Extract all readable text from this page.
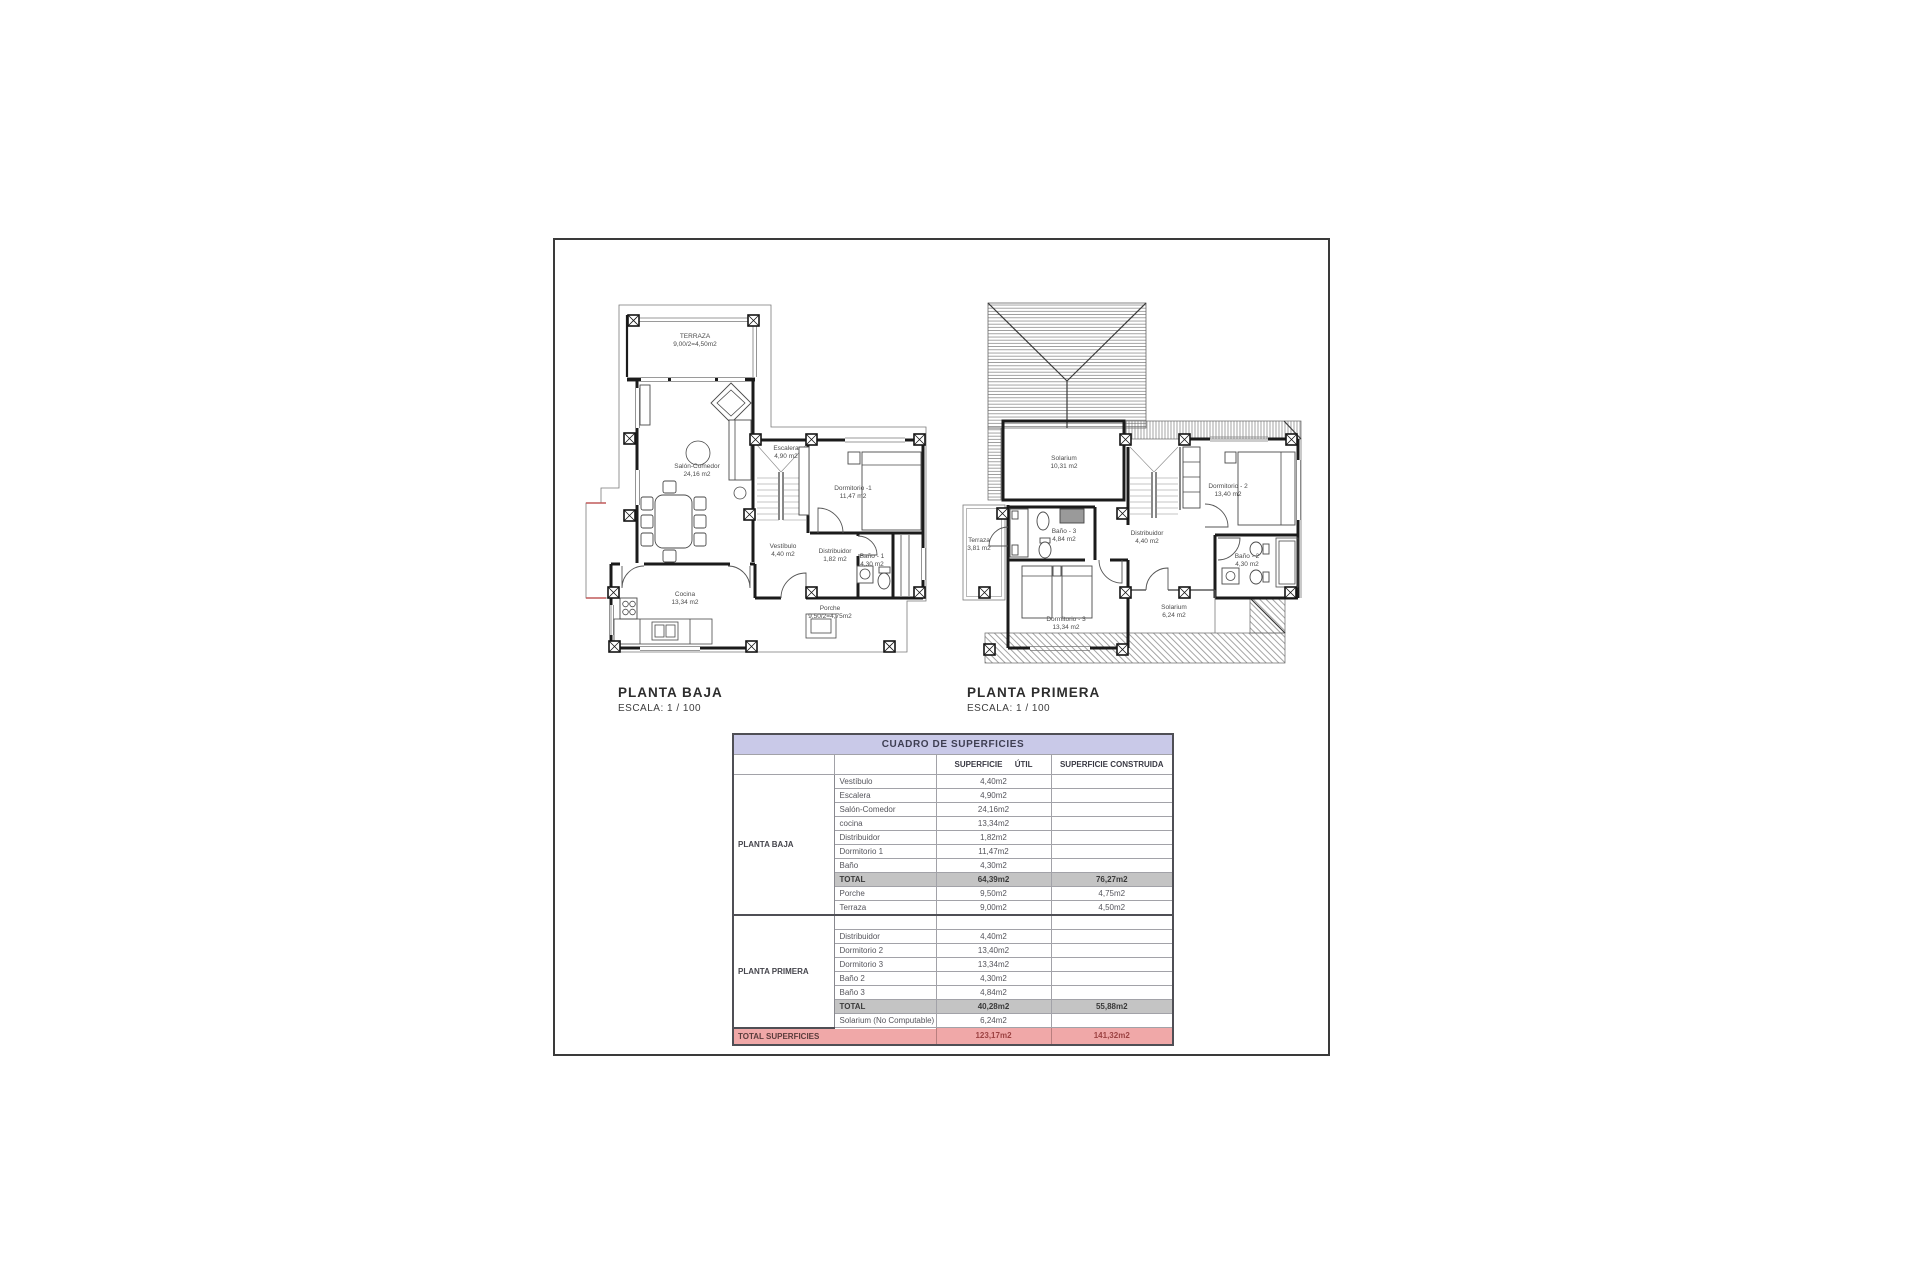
TERRAZA
9,00/2=4,50m2
Salón-Comedor
24,16 m2
Escalera
4,90 m2
Dormitorio -1
11,47 m2
Vestíbulo
4,40 m2	Distribuidor
1,82 m2 Baño - 1
4,30 m2
Cocina
13,34 m2
Porche
9,50/2=4,75m2
PLANTA BAJA
ESCALA: 1 / 100
Solarium
10,31 m2
Dormitorio - 2
13,40 m2
Terraza
3,81 m2
Baño - 3
4,84 m2
Distribuidor
4,40 m2
Baño - 2
4,30 m2
Dormitorio - 3
13,34 m2
Solarium
6,24 m2
PLANTA PRIMERA
ESCALA: 1 / 100
CUADRO DE SUPERFICIES			
		SUPERFICIE ÚTIL	SUPERFICIE CONSTRUIDA
PLANTA BAJA	Vestíbulo	4,40m2	
	Escalera	4,90m2	
	Salón-Comedor	24,16m2	
	cocina	13,34m2	
	Distribuidor	1,82m2	
	Dormitorio 1	11,47m2	
	Baño	4,30m2	
	TOTAL	64,39m2	76,27m2
	Porche	9,50m2	4,75m2
	Terraza	9,00m2	4,50m2
PLANTA PRIMERA			
	Distribuidor	4,40m2	
	Dormitorio 2	13,40m2	
	Dormitorio 3	13,34m2	
	Baño 2	4,30m2	
	Baño 3	4,84m2	
	TOTAL	40,28m2	55,88m2
	Solarium (No Computable)	6,24m2	
TOTAL SUPERFICIES		123,17m2	141,32m2
